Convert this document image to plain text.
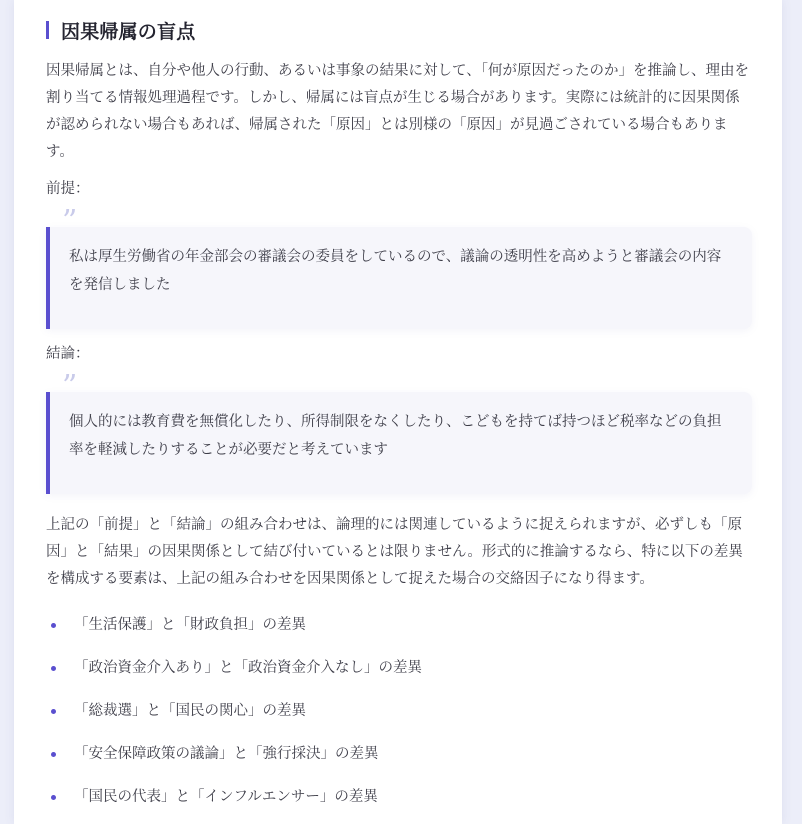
因果帰属の盲点

因果帰属とは、自分や他人の行動、あるいは事象の結果に対して、「何が原因だったのか」を推論し、理由を割り当てる情報処理過程です。しかし、帰属には盲点が生じる場合があります。実際には統計的に因果関係が認められない場合もあれば、帰属された「原因」とは別様の「原因」が見過ごされている場合もあります。

前提：

”
私は厚生労働省の年金部会の審議会の委員をしているので、議論の透明性を高めようと審議会の内容を発信しました

結論：

”
個人的には教育費を無償化したり、所得制限をなくしたり、こどもを持てば持つほど税率などの負担率を軽減したりすることが必要だと考えています

上記の「前提」と「結論」の組み合わせは、論理的には関連しているように捉えられますが、必ずしも「原因」と「結果」の因果関係として結び付いているとは限りません。形式的に推論するなら、特に以下の差異を構成する要素は、上記の組み合わせを因果関係として捉えた場合の交絡因子になり得ます。

「生活保護」と「財政負担」の差異
「政治資金介入あり」と「政治資金介入なし」の差異
「総裁選」と「国民の関心」の差異
「安全保障政策の議論」と「強行採決」の差異
「国民の代表」と「インフルエンサー」の差異
